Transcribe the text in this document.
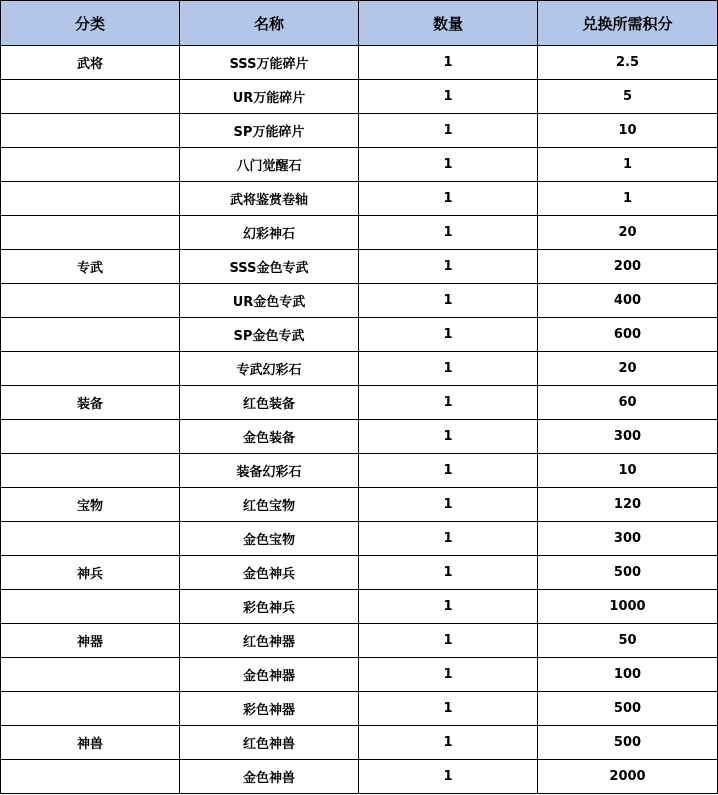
分类	名称	数量	兑换所需积分
武将	SSS万能碎片	1	2.5
	UR万能碎片	1	5
	SP万能碎片	1	10
	八门觉醒石	1	1
	武将鉴赏卷轴	1	1
	幻彩神石	1	20
专武	SSS金色专武	1	200
	UR金色专武	1	400
	SP金色专武	1	600
	专武幻彩石	1	20
装备	红色装备	1	60
	金色装备	1	300
	装备幻彩石	1	10
宝物	红色宝物	1	120
	金色宝物	1	300
神兵	金色神兵	1	500
	彩色神兵	1	1000
神器	红色神器	1	50
	金色神器	1	100
	彩色神器	1	500
神兽	红色神兽	1	500
	金色神兽	1	2000
